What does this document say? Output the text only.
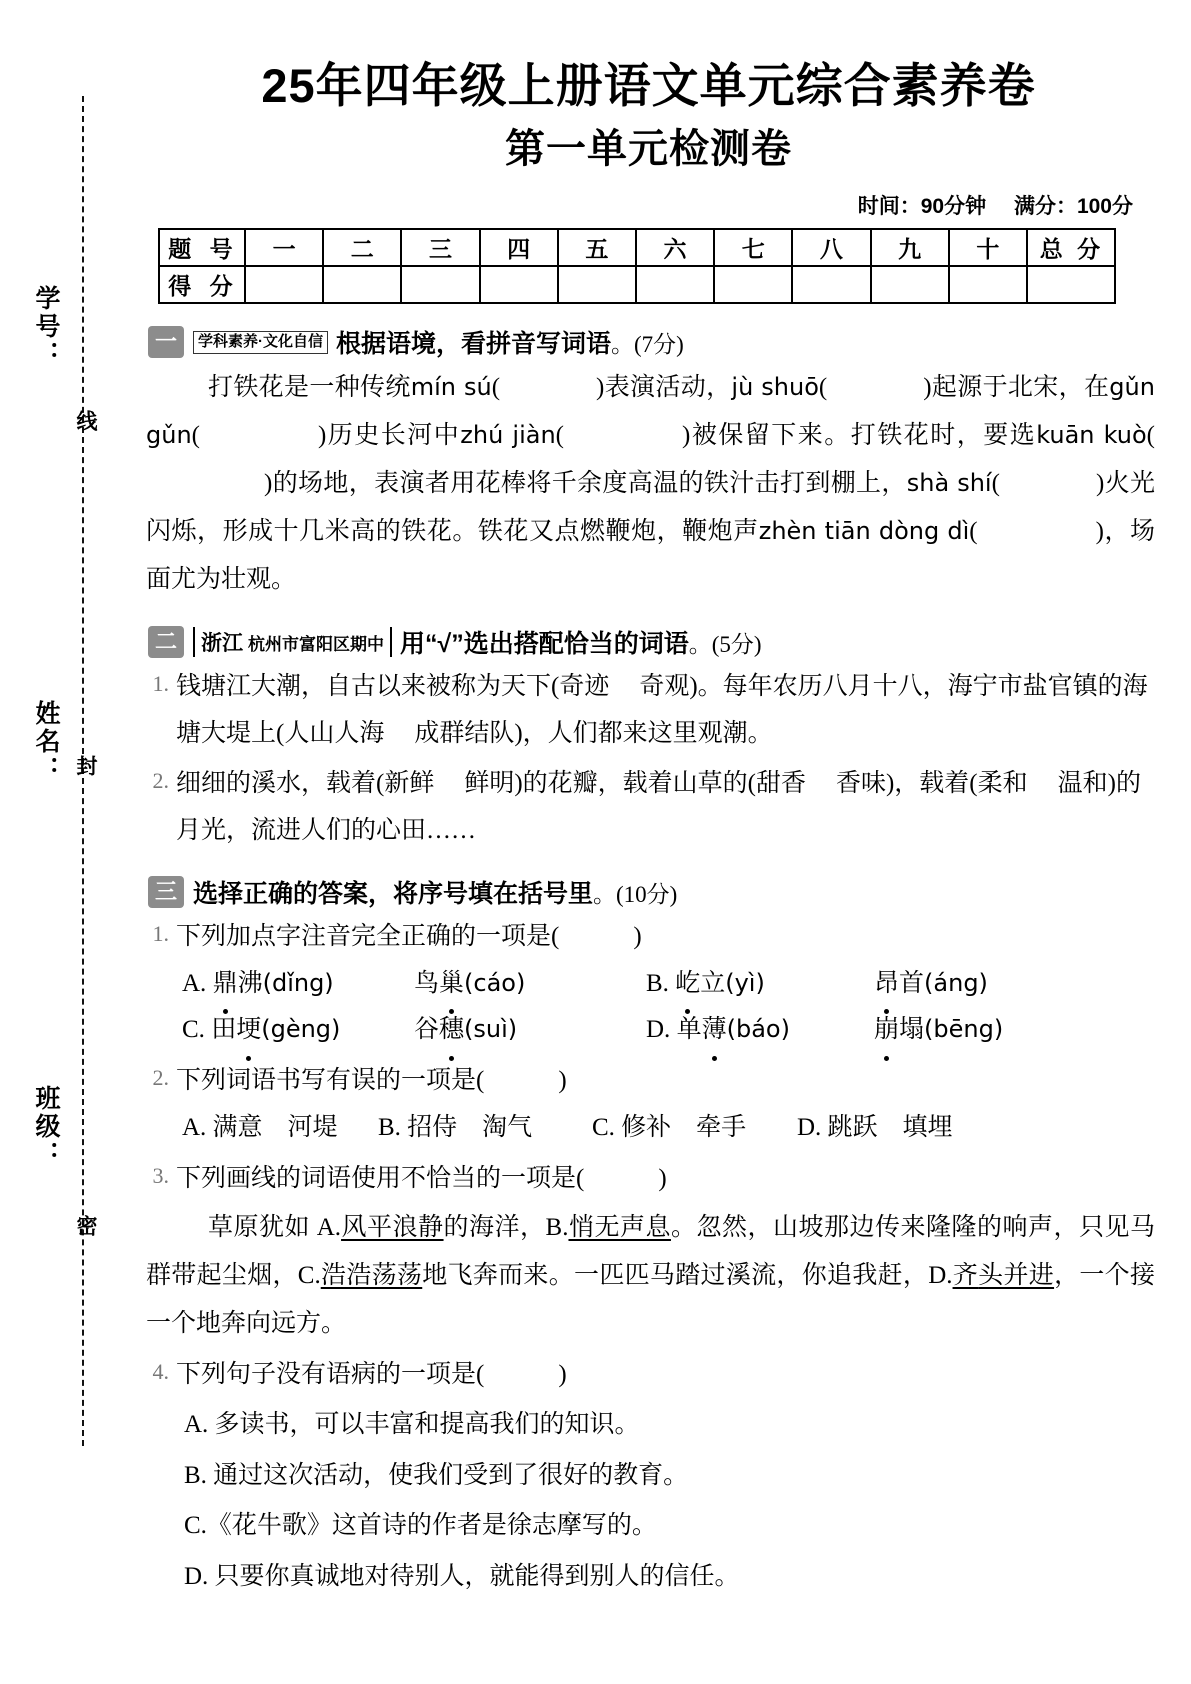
学号：
姓名：
班级：
线
封
密
25年四年级上册语文单元综合素养卷
第一单元检测卷
时间：90分钟 满分：100分
题 号	一	二	三	四	五	六	七	八	九	十	总 分
得 分											
一	学科素养·文化自信 根据语境，看拼音写词语 。(7分)
打铁花是一种传统mín sú(	)表演活动，jù shuō(	)起源于北宋，在gǔn gǔn(	)历史长河中zhú jiàn(	)被保留下来。打铁花时，要选kuān kuò()的场地，表演者用花棒将千余度高温的铁汁击打到棚上，shà shí(	)火光闪烁，形成十几米高的铁花。铁花又点燃鞭炮，鞭炮声zhèn tiān dòng dì(	)，场面尤为壮观。
二	浙江 杭州市富阳区期中 用“√”选出搭配恰当的词语 。(5分)
1. 钱塘江大潮，自古以来被称为天下(奇迹 奇观)。每年农历八月十八，海宁市盐官镇的海塘大堤上(人山人海 成群结队)，人们都来这里观潮。
2. 细细的溪水，载着(新鲜 鲜明)的花瓣，载着山草的(甜香 香味)，载着(柔和 温和)的月光，流进人们的心田……
三 选择正确的答案，将序号填在括号里 。(10分)
1. 下列加点字注音完全正确的一项是(	)
A. 鼎沸(dǐng)	鸟巢(cáo)	B. 屹立(yì)	昂首(áng)
C. 田埂(gèng)	谷穗(suì)	D. 单薄(báo)	崩塌(bēng)
2. 下列词语书写有误的一项是(	)
A. 满意　河堤	B. 招侍　淘气	C. 修补　牵手	D. 跳跃　填埋
3. 下列画线的词语使用不恰当的一项是(	)
草原犹如 A.风平浪静的海洋，B.悄无声息。忽然，山坡那边传来隆隆的响声，只见马群带起尘烟，C.浩浩荡荡地飞奔而来。一匹匹马踏过溪流，你追我赶，D.齐头并进，一个接一个地奔向远方。
4. 下列句子没有语病的一项是(	)
A. 多读书，可以丰富和提高我们的知识。
B. 通过这次活动，使我们受到了很好的教育。
C.《花牛歌》这首诗的作者是徐志摩写的。
D. 只要你真诚地对待别人，就能得到别人的信任。
